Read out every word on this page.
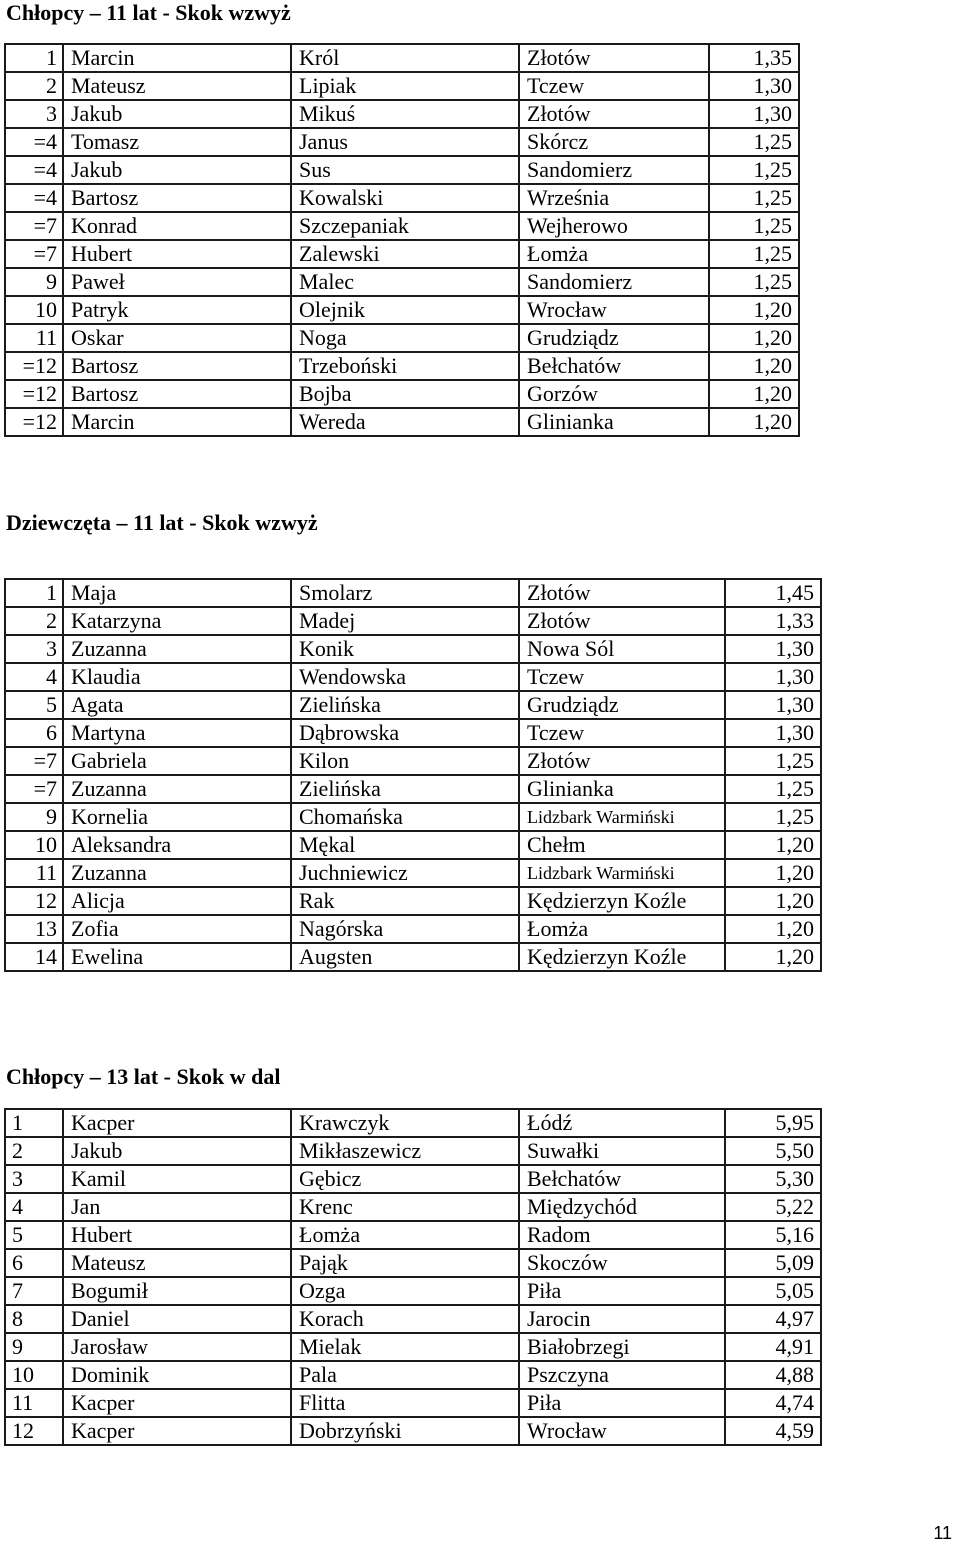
Chłopcy – 11 lat - Skok wzwyż
1	Marcin	Król	Złotów	1,35
2	Mateusz	Lipiak	Tczew	1,30
3	Jakub	Mikuś	Złotów	1,30
=4	Tomasz	Janus	Skórcz	1,25
=4	Jakub	Sus	Sandomierz	1,25
=4	Bartosz	Kowalski	Września	1,25
=7	Konrad	Szczepaniak	Wejherowo	1,25
=7	Hubert	Zalewski	Łomża	1,25
9	Paweł	Malec	Sandomierz	1,25
10	Patryk	Olejnik	Wrocław	1,20
11	Oskar	Noga	Grudziądz	1,20
=12	Bartosz	Trzeboński	Bełchatów	1,20
=12	Bartosz	Bojba	Gorzów	1,20
=12	Marcin	Wereda	Glinianka	1,20
Dziewczęta – 11 lat - Skok wzwyż
1	Maja	Smolarz	Złotów	1,45
2	Katarzyna	Madej	Złotów	1,33
3	Zuzanna	Konik	Nowa Sól	1,30
4	Klaudia	Wendowska	Tczew	1,30
5	Agata	Zielińska	Grudziądz	1,30
6	Martyna	Dąbrowska	Tczew	1,30
=7	Gabriela	Kilon	Złotów	1,25
=7	Zuzanna	Zielińska	Glinianka	1,25
9	Kornelia	Chomańska	Lidzbark Warmiński	1,25
10	Aleksandra	Mękal	Chełm	1,20
11	Zuzanna	Juchniewicz	Lidzbark Warmiński	1,20
12	Alicja	Rak	Kędzierzyn Koźle	1,20
13	Zofia	Nagórska	Łomża	1,20
14	Ewelina	Augsten	Kędzierzyn Koźle	1,20
Chłopcy – 13 lat - Skok w dal
1	Kacper	Krawczyk	Łódź	5,95
2	Jakub	Mikłaszewicz	Suwałki	5,50
3	Kamil	Gębicz	Bełchatów	5,30
4	Jan	Krenc	Międzychód	5,22
5	Hubert	Łomża	Radom	5,16
6	Mateusz	Pająk	Skoczów	5,09
7	Bogumił	Ozga	Piła	5,05
8	Daniel	Korach	Jarocin	4,97
9	Jarosław	Mielak	Białobrzegi	4,91
10	Dominik	Pala	Pszczyna	4,88
11	Kacper	Flitta	Piła	4,74
12	Kacper	Dobrzyński	Wrocław	4,59
11
